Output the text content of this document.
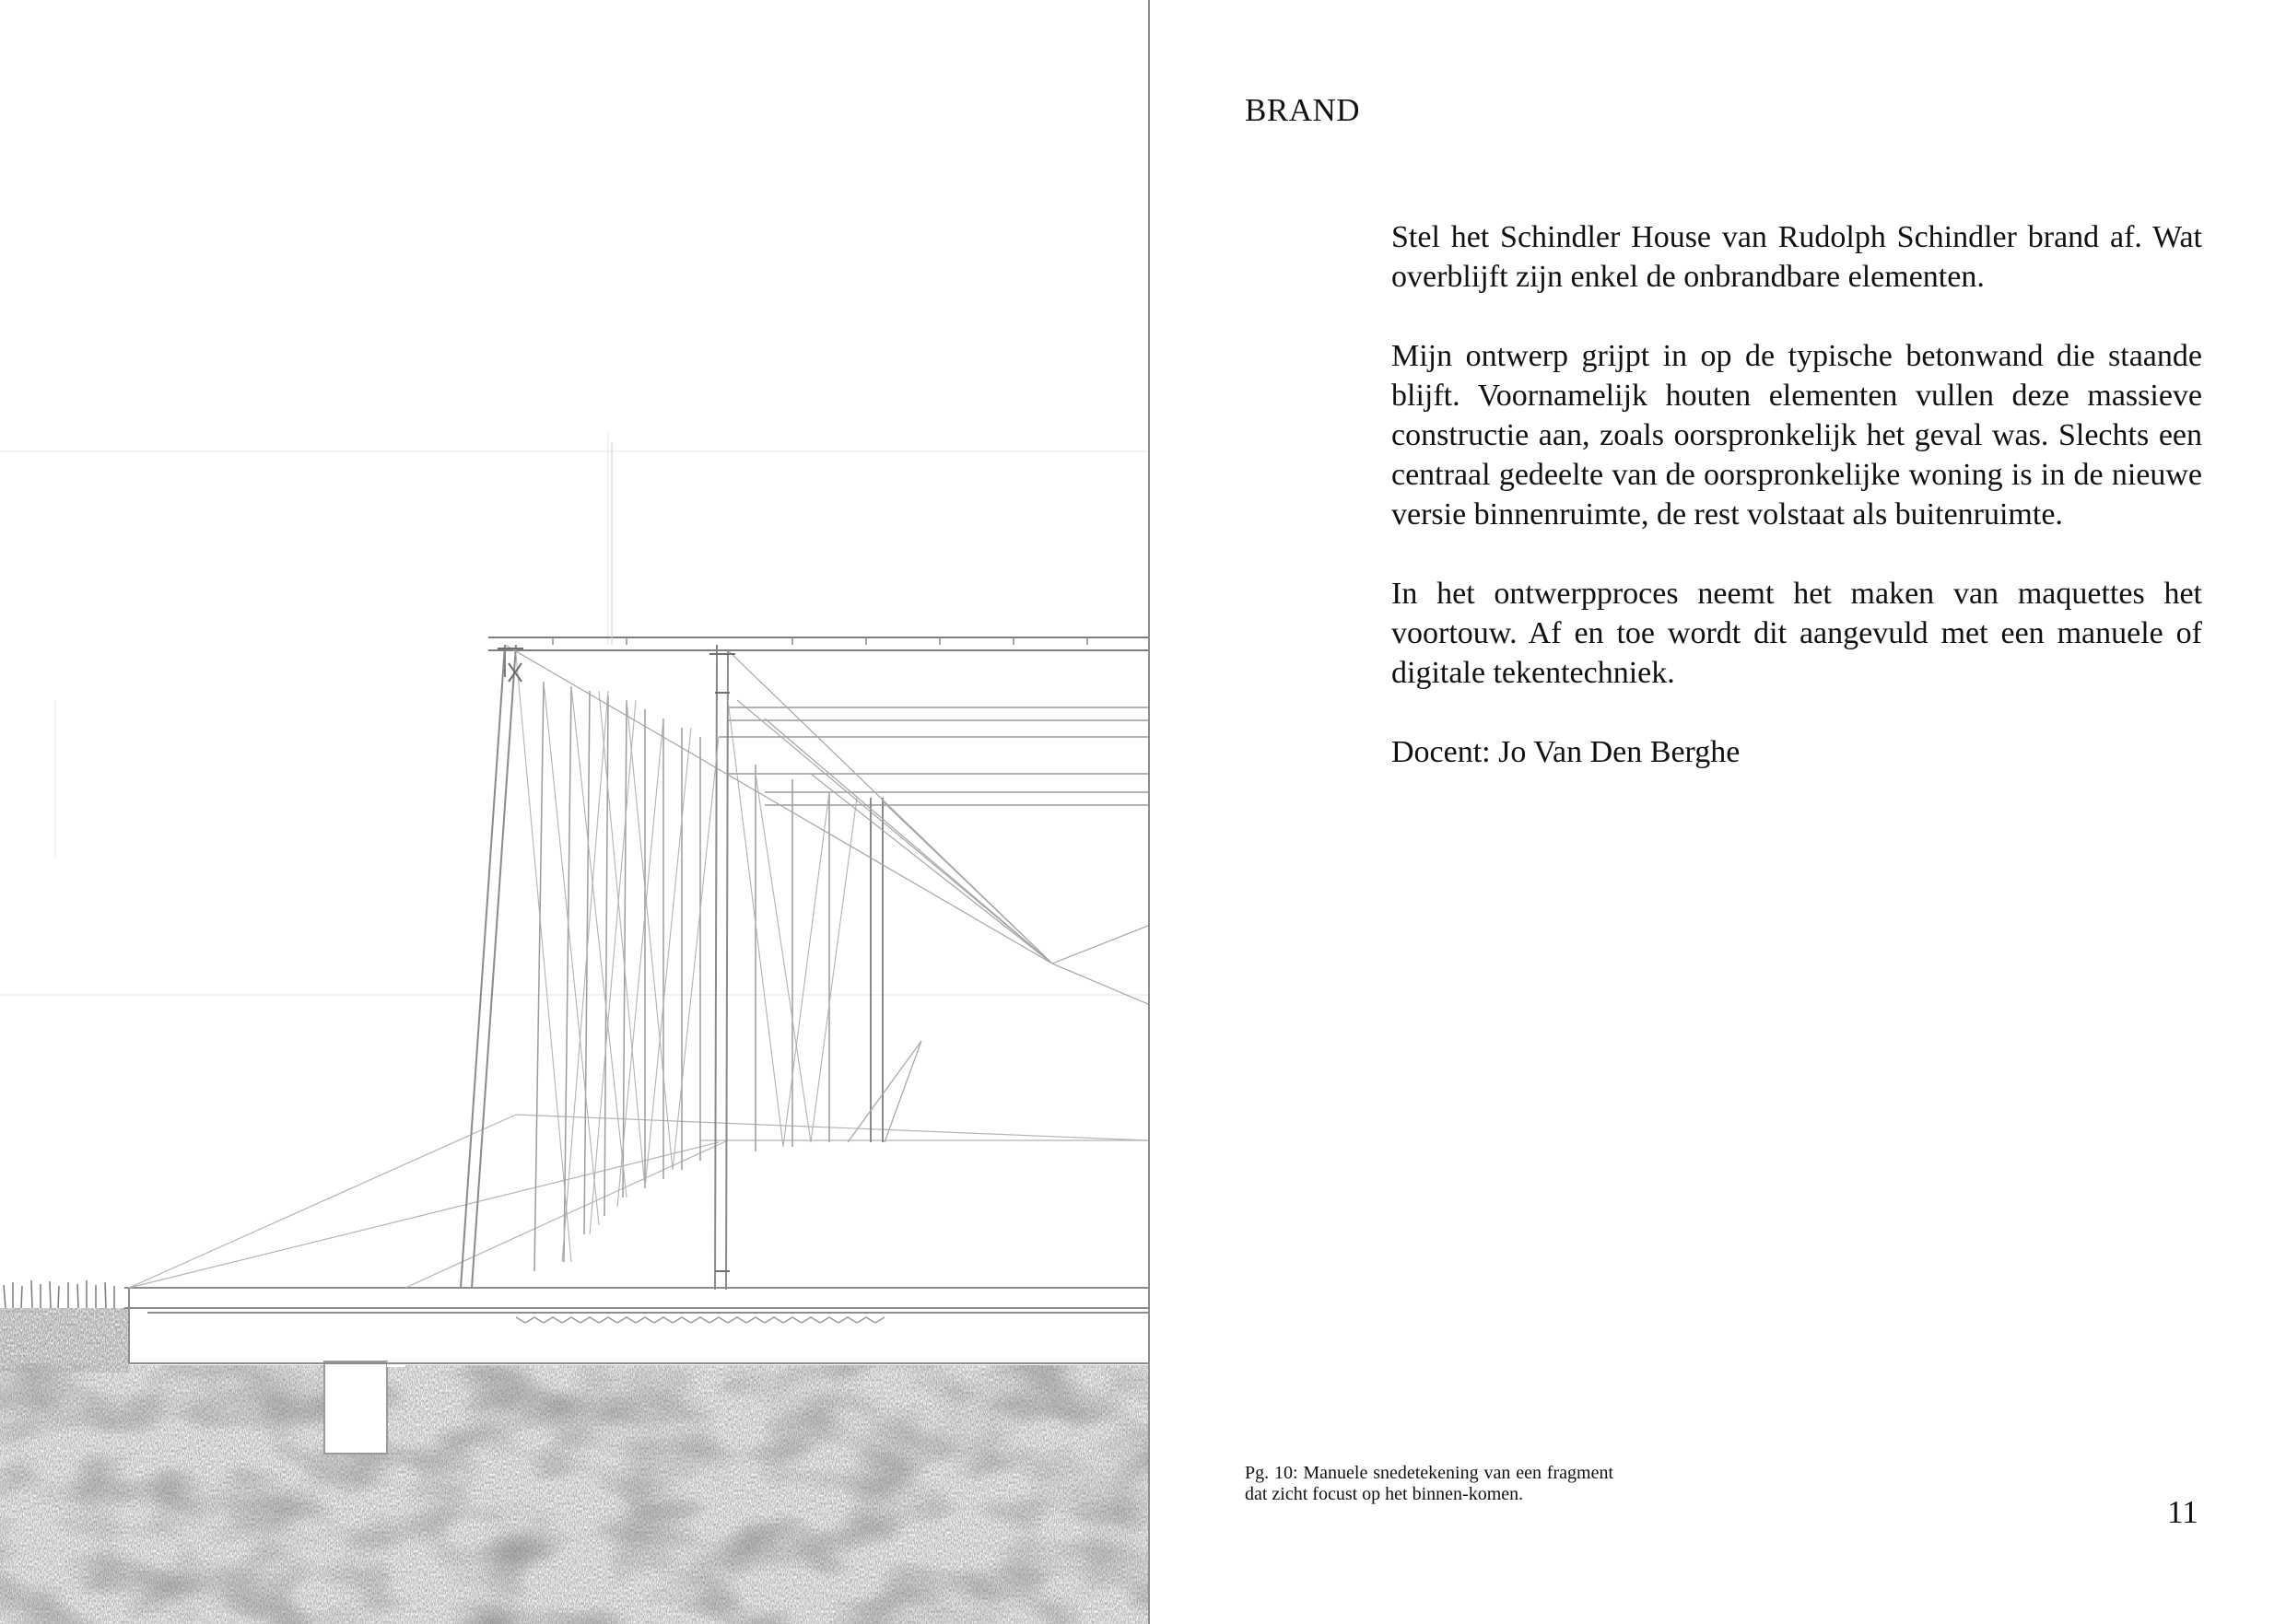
BRAND

Stel het Schindler House van Rudolph Schindler brand af. Wat overblijft zijn enkel de onbrandbare elementen.

Mijn ontwerp grijpt in op de typische betonwand die staande blijft. Voornamelijk houten elementen vullen deze massieve constructie aan, zoals oorspronkelijk het geval was. Slechts een centraal gedeelte van de oorspronkelijke woning is in de nieuwe versie binnenruimte, de rest volstaat als buitenruimte.

In het ontwerpproces neemt het maken van maquettes het voortouw. Af en toe wordt dit aangevuld met een manuele of digitale tekentechniek.

Docent: Jo Van Den Berghe

Pg. 10: Manuele snedetekening van een fragment dat zicht focust op het binnen-komen.	11
